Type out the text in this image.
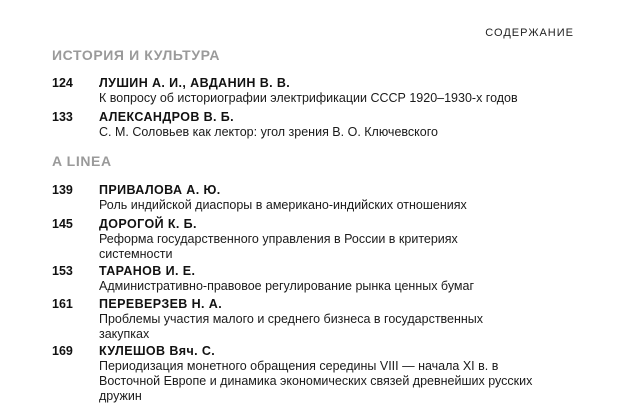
СОДЕРЖАНИЕ
ИСТОРИЯ И КУЛЬТУРА
124	ЛУШИН А. И., АВДАНИН В. В.
К вопросу об историографии электрификации СССР 1920–1930-х годов
133	АЛЕКСАНДРОВ В. Б.
С. М. Соловьев как лектор: угол зрения В. О. Ключевского
A LINEA
139	ПРИВАЛОВА А. Ю.
Роль индийской диаспоры в американо-индийских отношениях
145	ДОРОГОЙ К. Б.
Реформа государственного управления в России в критериях системности
153	ТАРАНОВ И. Е.
Административно-правовое регулирование рынка ценных бумаг
161	ПЕРЕВЕРЗЕВ Н. А.
Проблемы участия малого и среднего бизнеса в государственных закупках
169	КУЛЕШОВ Вяч. С.
Периодизация монетного обращения середины VIII — начала XI в. в Восточной Европе и динамика экономических связей древнейших русских дружин
